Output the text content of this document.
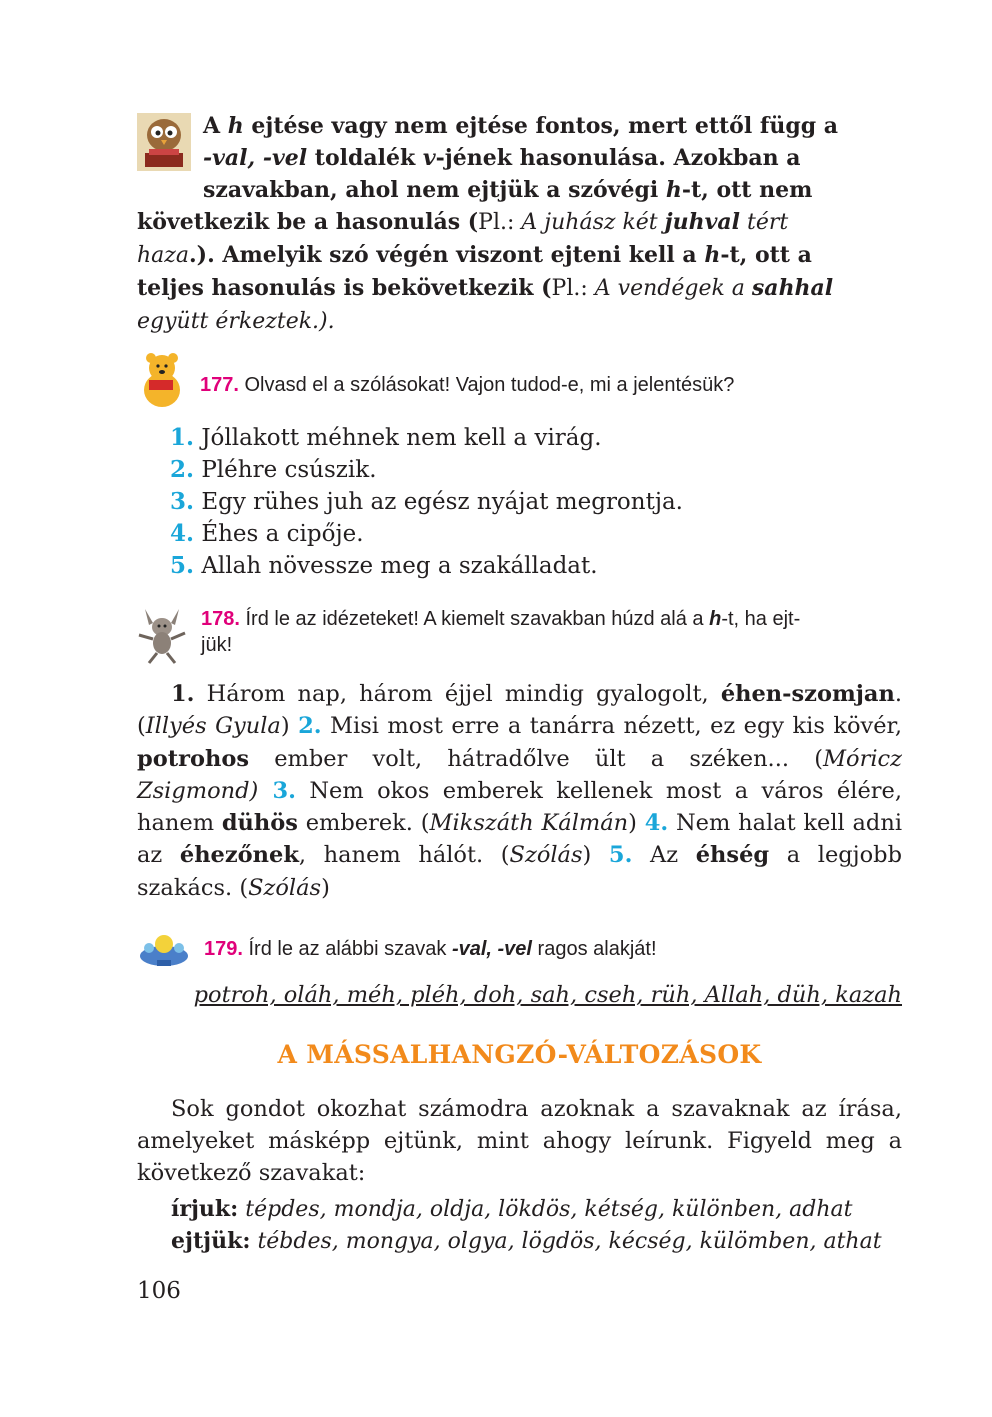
A h ejtése vagy nem ejtése fontos, mert ettől függ a

-val, -vel toldalék v-jének hasonulása. Azokban a

szavakban, ahol nem ejtjük a szóvégi h-t, ott nem

következik be a hasonulás (Pl.: A juhász két juhval tért

haza.). Amelyik szó végén viszont ejteni kell a h-t, ott a

teljes hasonulás is bekövetkezik (Pl.: A vendégek a sahhal

együtt érkeztek.).

177. Olvasd el a szólásokat! Vajon tudod-e, mi a jelentésük?
1. Jóllakott méhnek nem kell a virág.
2. Pléhre csúszik.
3. Egy rühes juh az egész nyájat megrontja.
4. Éhes a cipője.
5. Allah növessze meg a szakálladat.
178. Írd le az idézeteket! A kiemelt szavakban húzd alá a h-t, ha ejt-
jük!
1. Három nap, három éjjel mindig gyalogolt, éhen-szomjan. (Illyés Gyula) 2. Misi most erre a tanárra nézett, ez egy kis kövér, potrohos ember volt, hátradőlve ült a széken... (Móricz Zsigmond) 3. Nem okos emberek kellenek most a város élére, hanem dühös emberek. (Mikszáth Kálmán) 4. Nem halat kell adni az éhezőnek, hanem hálót. (Szólás) 5. Az éhség a legjobb szakács. (Szólás)
179. Írd le az alábbi szavak -val, -vel ragos alakját!
potroh, oláh, méh, pléh, doh, sah, cseh, rüh, Allah, düh, kazah
A MÁSSALHANGZÓ-VÁLTOZÁSOK
Sok gondot okozhat számodra azoknak a szavaknak az írása, amelyeket másképp ejtünk, mint ahogy leírunk. Figyeld meg a következő szavakat:
írjuk: tépdes, mondja, oldja, lökdös, kétség, különben, adhat
ejtjük: tébdes, mongya, olgya, lögdös, kécség, külömben, athat
106
